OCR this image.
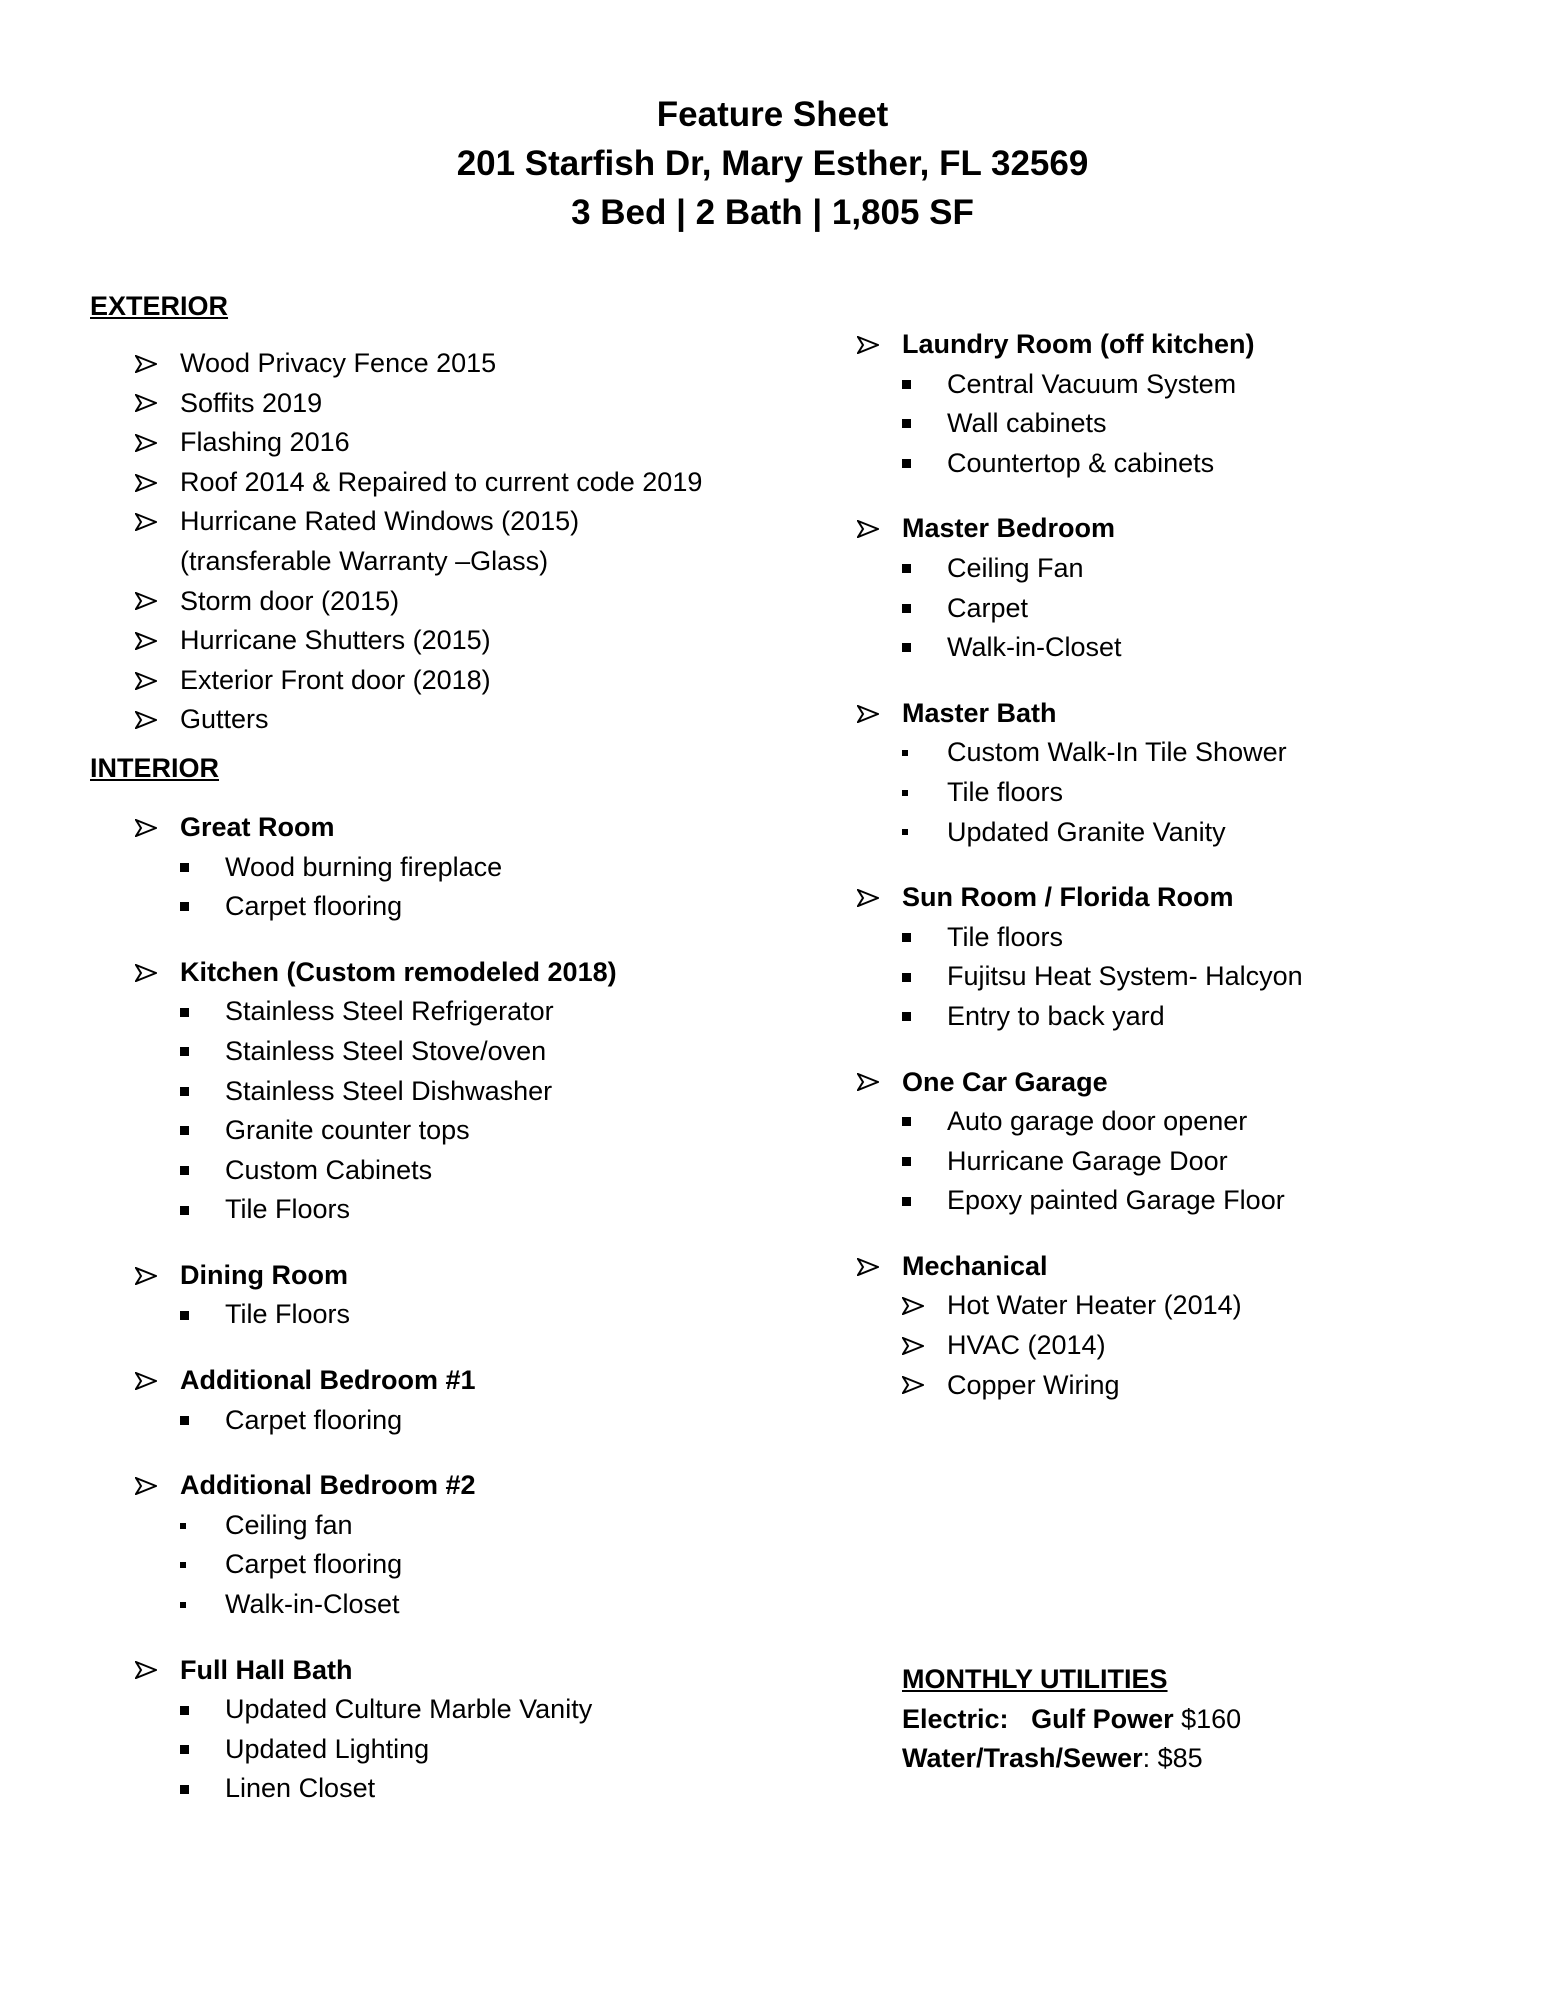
Feature Sheet
201 Starfish Dr, Mary Esther, FL 32569
3 Bed | 2 Bath | 1,805 SF
EXTERIOR
Wood Privacy Fence 2015
Soffits 2019
Flashing 2016
Roof 2014 & Repaired to current code 2019
Hurricane Rated Windows (2015)
(transferable Warranty –Glass)
Storm door (2015)
Hurricane Shutters (2015)
Exterior Front door (2018)
Gutters
INTERIOR
Great Room
Wood burning fireplace
Carpet flooring
Kitchen (Custom remodeled 2018)
Stainless Steel Refrigerator
Stainless Steel Stove/oven
Stainless Steel Dishwasher
Granite counter tops
Custom Cabinets
Tile Floors
Dining Room
Tile Floors
Additional Bedroom #1
Carpet flooring
Additional Bedroom #2
Ceiling fan
Carpet flooring
Walk-in-Closet
Full Hall Bath
Updated Culture Marble Vanity
Updated Lighting
Linen Closet
Laundry Room (off kitchen)
Central Vacuum System
Wall cabinets
Countertop & cabinets
Master Bedroom
Ceiling Fan
Carpet
Walk-in-Closet
Master Bath
Custom Walk-In Tile Shower
Tile floors
Updated Granite Vanity
Sun Room / Florida Room
Tile floors
Fujitsu Heat System- Halcyon
Entry to back yard
One Car Garage
Auto garage door opener
Hurricane Garage Door
Epoxy painted Garage Floor
Mechanical
Hot Water Heater (2014)
HVAC (2014)
Copper Wiring
MONTHLY UTILITIES
Electric: Gulf Power $160
Water/Trash/Sewer: $85
